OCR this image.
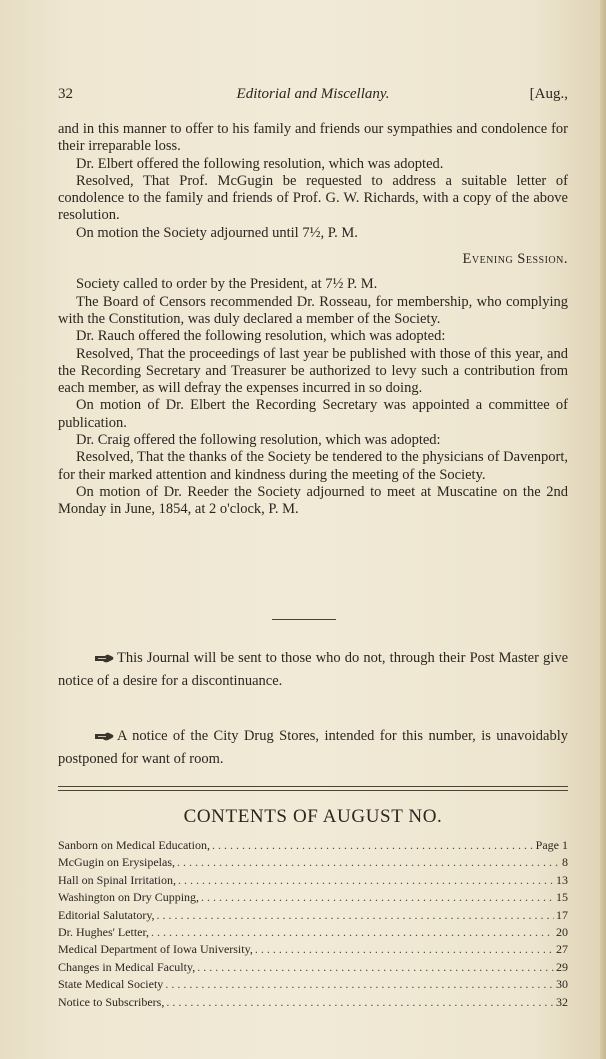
32	Editorial and Miscellany.	[Aug.,

and in this manner to offer to his family and friends our sympathies and condolence for their irreparable loss.

Dr. Elbert offered the following resolution, which was adopted.

Resolved, That Prof. McGugin be requested to address a suitable letter of condolence to the family and friends of Prof. G. W. Richards, with a copy of the above resolution.

On motion the Society adjourned until 7½, P. M.

Evening Session.

Society called to order by the President, at 7½ P. M.

The Board of Censors recommended Dr. Rosseau, for membership, who complying with the Constitution, was duly declared a member of the Society.

Dr. Rauch offered the following resolution, which was adopted:

Resolved, That the proceedings of last year be published with those of this year, and the Recording Secretary and Treasurer be authorized to levy such a contribution from each member, as will defray the expenses incurred in so doing.

On motion of Dr. Elbert the Recording Secretary was appointed a committee of publication.

Dr. Craig offered the following resolution, which was adopted:

Resolved, That the thanks of the Society be tendered to the physicians of Davenport, for their marked attention and kindness during the meeting of the Society.

On motion of Dr. Reeder the Society adjourned to meet at Muscatine on the 2nd Monday in June, 1854, at 2 o'clock, P. M.

This Journal will be sent to those who do not, through their Post Master give notice of a desire for a discontinuance.

A notice of the City Drug Stores, intended for this number, is unavoidably postponed for want of room.

CONTENTS OF AUGUST NO.
Sanborn on Medical Education, . . .	Page 1
McGugin on Erysipelas, . . .	8
Hall on Spinal Irritation, . . .	13
Washington on Dry Cupping, . . .	15
Editorial Salutatory, . . .	17
Dr. Hughes' Letter, . . .	20
Medical Department of Iowa University, . . .	27
Changes in Medical Faculty, . . .	29
State Medical Society . . .	30
Notice to Subscribers, . . .	32
